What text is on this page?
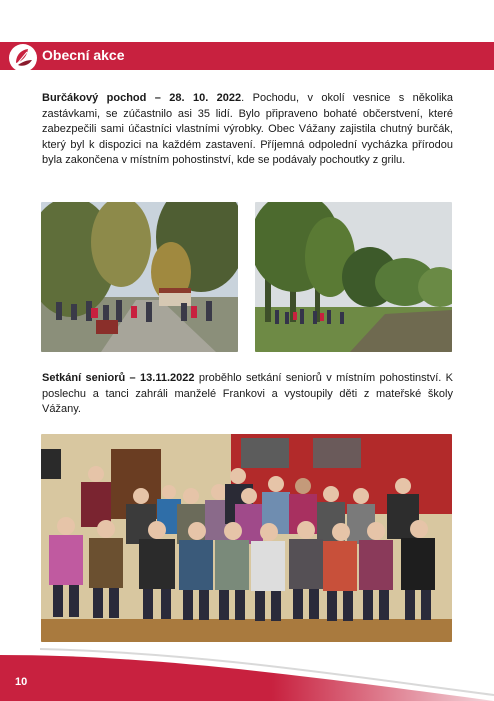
Obecní akce

Burčákový pochod – 28. 10. 2022. Pochodu, v okolí vesnice s několika zastávkami, se zúčastnilo asi 35 lidí. Bylo připraveno bohaté občerstvení, které zabezpečili sami účastníci vlastními výrobky. Obec Vážany zajistila chutný burčák, který byl k dispozici na každém zastavení. Příjemná odpolední vycházka přírodou byla zakončena v místním pohostinství, kde se podávaly pochoutky z grilu.

Setkání seniorů – 13.11.2022 proběhlo setkání seniorů v místním pohostinství. K poslechu a tanci zahráli manželé Frankovi a vystoupily děti z mateřské školy Vážany.

10
